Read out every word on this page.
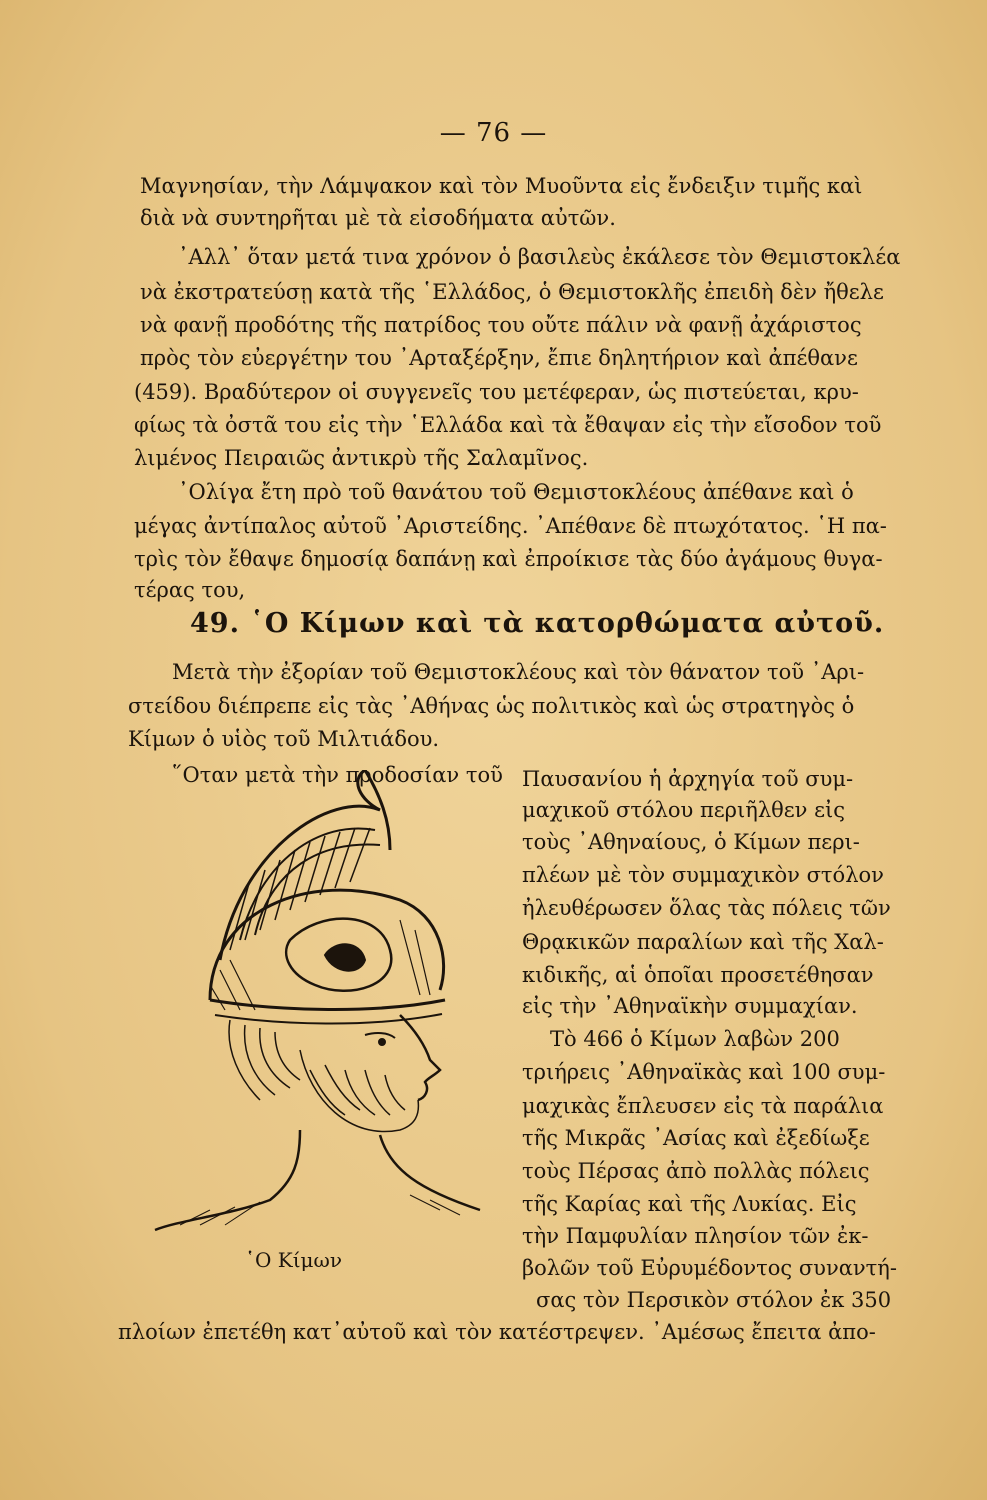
— 76 —
Μαγνησίαν, τὴν Λάμψακον καὶ τὸν Μυοῦντα εἰς ἔνδειξιν τιμῆς καὶ
διὰ νὰ συντηρῆται μὲ τὰ εἰσοδήματα αὐτῶν.
᾿Αλλ᾿ ὅταν μετά τινα χρόνον ὁ βασιλεὺς ἐκάλεσε τὸν Θεμιστοκλέα
νὰ ἐκστρατεύσῃ κατὰ τῆς ῾Ελλάδος, ὁ Θεμιστοκλῆς ἐπειδὴ δὲν ἤθελε
νὰ φανῇ προδότης τῆς πατρίδος του οὔτε πάλιν νὰ φανῇ ἀχάριστος
πρὸς τὸν εὐεργέτην του ᾿Αρταξέρξην, ἔπιε δηλητήριον καὶ ἀπέθανε
(459). Βραδύτερον οἱ συγγενεῖς του μετέφεραν, ὡς πιστεύεται, κρυ-
φίως τὰ ὀστᾶ του εἰς τὴν ῾Ελλάδα καὶ τὰ ἔθαψαν εἰς τὴν εἴσοδον τοῦ
λιμένος Πειραιῶς ἀντικρὺ τῆς Σαλαμῖνος.
᾿Ολίγα ἔτη πρὸ τοῦ θανάτου τοῦ Θεμιστοκλέους ἀπέθανε καὶ ὁ
μέγας ἀντίπαλος αὐτοῦ ᾿Αριστείδης. ᾿Απέθανε δὲ πτωχότατος. ῾Η πα-
τρὶς τὸν ἔθαψε δημοσίᾳ δαπάνῃ καὶ ἐπροίκισε τὰς δύο ἀγάμους θυγα-
τέρας του,
49. ῾Ο Κίμων καὶ τὰ κατορθώματα αὐτοῦ.
Μετὰ τὴν ἐξορίαν τοῦ Θεμιστοκλέους καὶ τὸν θάνατον τοῦ ᾿Αρι-
στείδου διέπρεπε εἰς τὰς ᾿Αθήνας ὡς πολιτικὸς καὶ ὡς στρατηγὸς ὁ
Κίμων ὁ υἱὸς τοῦ Μιλτιάδου.
῞Οταν μετὰ τὴν προδοσίαν τοῦ Παυσανίου ἡ ἀρχηγία τοῦ συμ-
μαχικοῦ στόλου περιῆλθεν εἰς
τοὺς ᾿Αθηναίους, ὁ Κίμων περι-
πλέων μὲ τὸν συμμαχικὸν στόλον
ἠλευθέρωσεν ὅλας τὰς πόλεις τῶν
Θρᾳκικῶν παραλίων καὶ τῆς Χαλ-
κιδικῆς, αἱ ὁποῖαι προσετέθησαν
εἰς τὴν ᾿Αθηναϊκὴν συμμαχίαν.
Τὸ 466 ὁ Κίμων λαβὼν 200
τριήρεις ᾿Αθηναϊκὰς καὶ 100 συμ-
μαχικὰς ἔπλευσεν εἰς τὰ παράλια
τῆς Μικρᾶς ᾿Ασίας καὶ ἐξεδίωξε
τοὺς Πέρσας ἀπὸ πολλὰς πόλεις
τῆς Καρίας καὶ τῆς Λυκίας. Εἰς
τὴν Παμφυλίαν πλησίον τῶν ἐκ-
βολῶν τοῦ Εὐρυμέδοντος συναντή-
σας τὸν Περσικὸν στόλον ἐκ 350
πλοίων ἐπετέθη κατ᾿αὐτοῦ καὶ τὸν κατέστρεψεν. ᾿Αμέσως ἔπειτα ἀπο-
῾Ο Κίμων
